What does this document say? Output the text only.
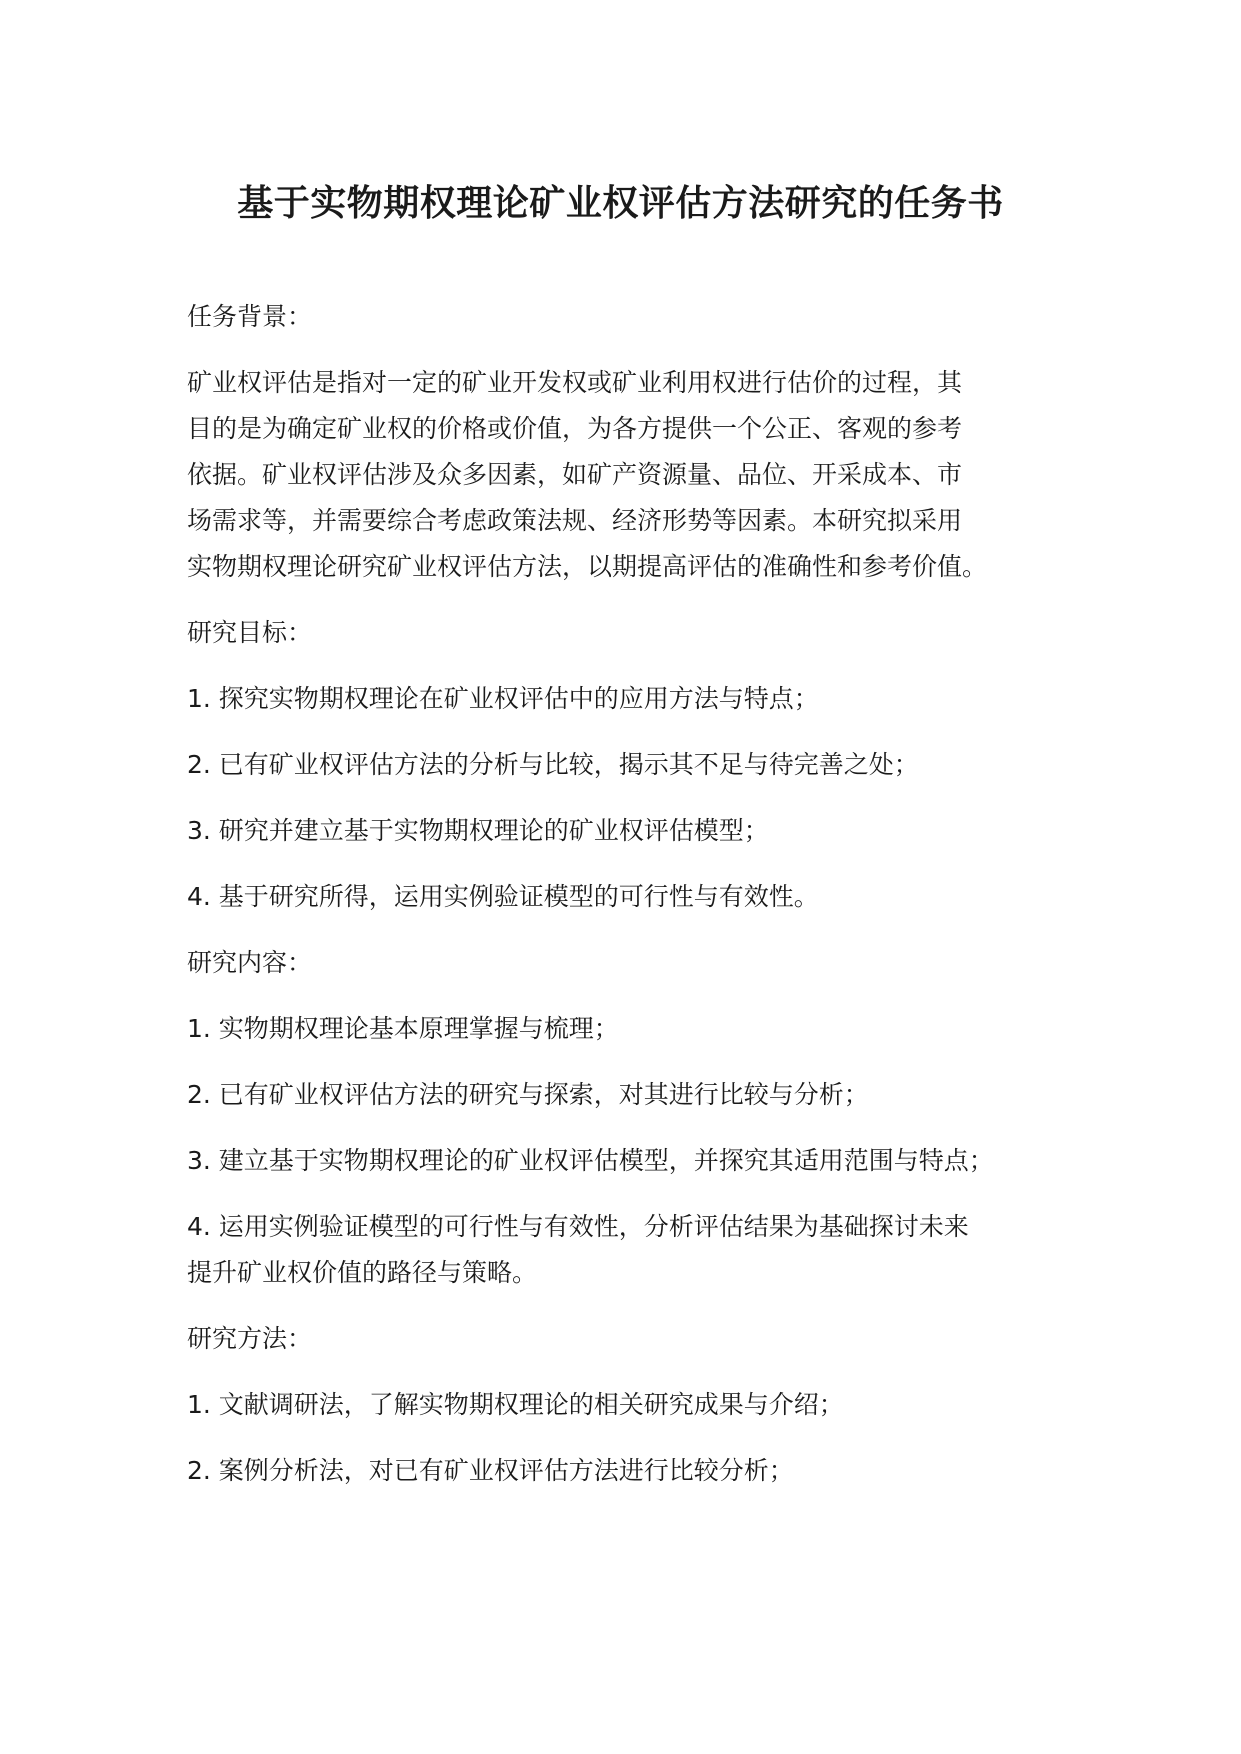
基于实物期权理论矿业权评估方法研究的任务书

任务背景：

矿业权评估是指对一定的矿业开发权或矿业利用权进行估价的过程，其
目的是为确定矿业权的价格或价值，为各方提供一个公正、客观的参考
依据。矿业权评估涉及众多因素，如矿产资源量、品位、开采成本、市
场需求等，并需要综合考虑政策法规、经济形势等因素。本研究拟采用
实物期权理论研究矿业权评估方法，以期提高评估的准确性和参考价值。

研究目标：

1. 探究实物期权理论在矿业权评估中的应用方法与特点；

2. 已有矿业权评估方法的分析与比较，揭示其不足与待完善之处；

3. 研究并建立基于实物期权理论的矿业权评估模型；

4. 基于研究所得，运用实例验证模型的可行性与有效性。

研究内容：

1. 实物期权理论基本原理掌握与梳理；

2. 已有矿业权评估方法的研究与探索，对其进行比较与分析；

3. 建立基于实物期权理论的矿业权评估模型，并探究其适用范围与特点；

4. 运用实例验证模型的可行性与有效性，分析评估结果为基础探讨未来
提升矿业权价值的路径与策略。

研究方法：

1. 文献调研法，了解实物期权理论的相关研究成果与介绍；

2. 案例分析法，对已有矿业权评估方法进行比较分析；
